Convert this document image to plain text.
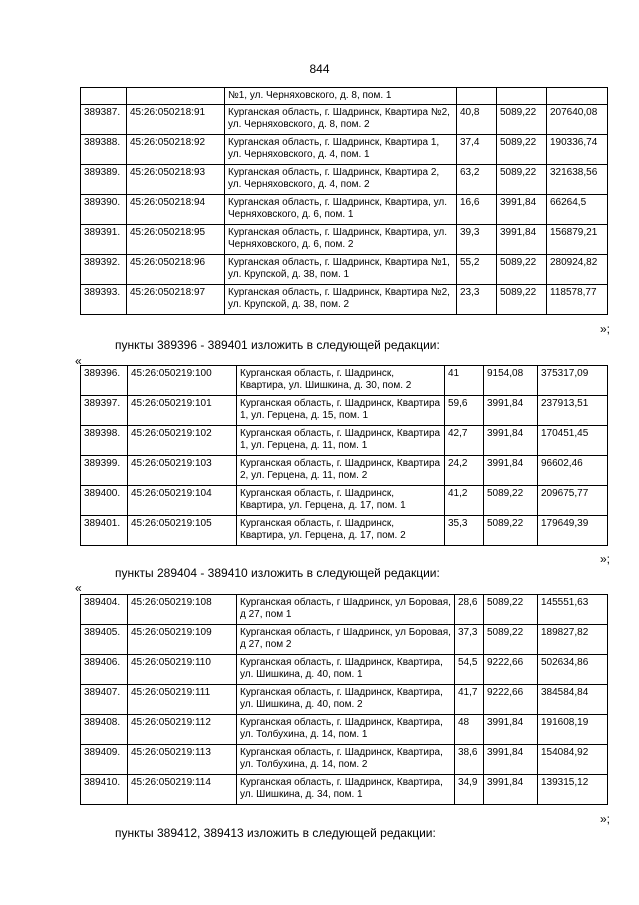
844
		№1, ул. Черняховского, д. 8, пом. 1			
389387.	45:26:050218:91	Курганская область, г. Шадринск, Квартира №2, ул. Черняховского, д. 8, пом. 2	40,8	5089,22	207640,08
389388.	45:26:050218:92	Курганская область, г. Шадринск, Квартира 1, ул. Черняховского, д. 4, пом. 1	37,4	5089,22	190336,74
389389.	45:26:050218:93	Курганская область, г. Шадринск, Квартира 2, ул. Черняховского, д. 4, пом. 2	63,2	5089,22	321638,56
389390.	45:26:050218:94	Курганская область, г. Шадринск, Квартира, ул. Черняховского, д. 6, пом. 1	16,6	3991,84	66264,5
389391.	45:26:050218:95	Курганская область, г. Шадринск, Квартира, ул. Черняховского, д. 6, пом. 2	39,3	3991,84	156879,21
389392.	45:26:050218:96	Курганская область, г. Шадринск, Квартира №1, ул. Крупской, д. 38, пом. 1	55,2	5089,22	280924,82
389393.	45:26:050218:97	Курганская область, г. Шадринск, Квартира №2, ул. Крупской, д. 38, пом. 2	23,3	5089,22	118578,77
»;
пункты 389396 - 389401 изложить в следующей редакции:
«
389396.	45:26:050219:100	Курганская область, г. Шадринск, Квартира, ул. Шишкина, д. 30, пом. 2	41	9154,08	375317,09
389397.	45:26:050219:101	Курганская область, г. Шадринск, Квартира 1, ул. Герцена, д. 15, пом. 1	59,6	3991,84	237913,51
389398.	45:26:050219:102	Курганская область, г. Шадринск, Квартира 1, ул. Герцена, д. 11, пом. 1	42,7	3991,84	170451,45
389399.	45:26:050219:103	Курганская область, г. Шадринск, Квартира 2, ул. Герцена, д. 11, пом. 2	24,2	3991,84	96602,46
389400.	45:26:050219:104	Курганская область, г. Шадринск, Квартира, ул. Герцена, д. 17, пом. 1	41,2	5089,22	209675,77
389401.	45:26:050219:105	Курганская область, г. Шадринск, Квартира, ул. Герцена, д. 17, пом. 2	35,3	5089,22	179649,39
»;
пункты 289404 - 389410 изложить в следующей редакции:
«
389404.	45:26:050219:108	Курганская область, г Шадринск, ул Боровая, д 27, пом 1	28,6	5089,22	145551,63
389405.	45:26:050219:109	Курганская область, г Шадринск, ул Боровая, д 27, пом 2	37,3	5089,22	189827,82
389406.	45:26:050219:110	Курганская область, г. Шадринск, Квартира, ул. Шишкина, д. 40, пом. 1	54,5	9222,66	502634,86
389407.	45:26:050219:111	Курганская область, г. Шадринск, Квартира, ул. Шишкина, д. 40, пом. 2	41,7	9222,66	384584,84
389408.	45:26:050219:112	Курганская область, г. Шадринск, Квартира, ул. Толбухина, д. 14, пом. 1	48	3991,84	191608,19
389409.	45:26:050219:113	Курганская область, г. Шадринск, Квартира, ул. Толбухина, д. 14, пом. 2	38,6	3991,84	154084,92
389410.	45:26:050219:114	Курганская область, г. Шадринск, Квартира, ул. Шишкина, д. 34, пом. 1	34,9	3991,84	139315,12
»;
пункты 389412, 389413 изложить в следующей редакции:
